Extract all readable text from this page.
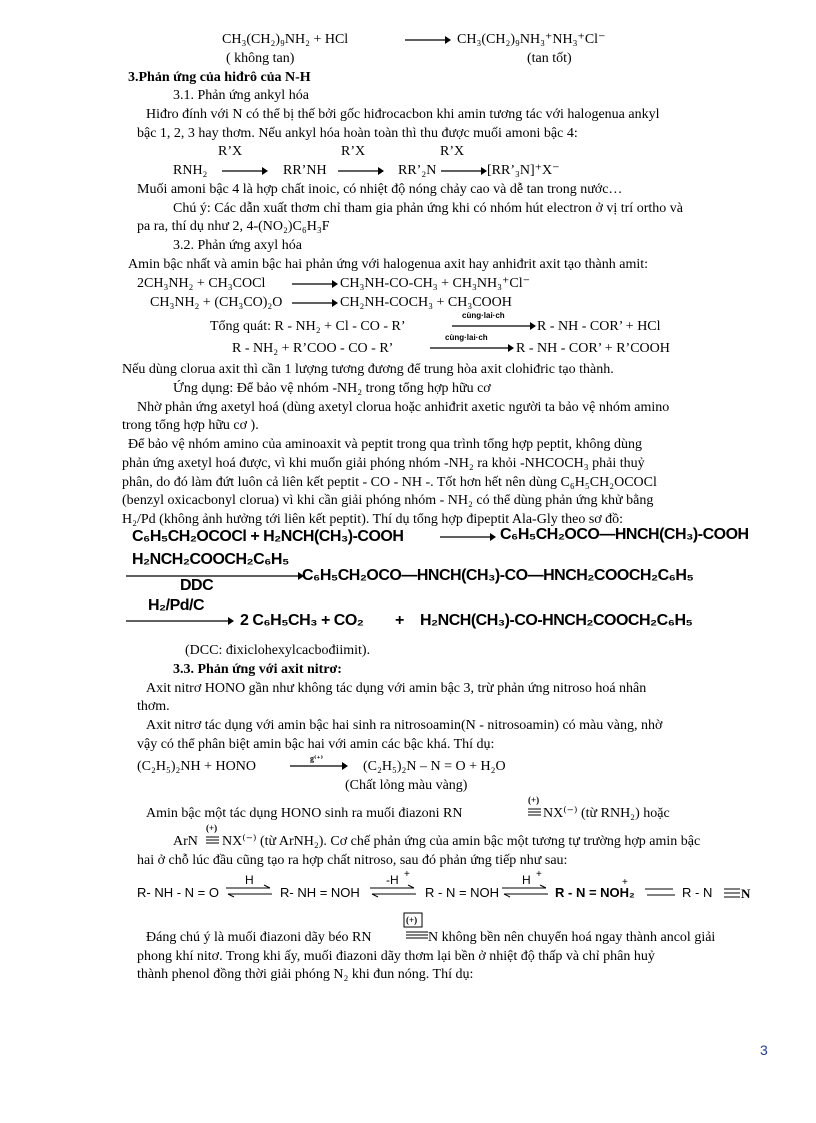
CH₃(CH₂)₉NH₂ + HCl	→ CH₃(CH₂)₉NH₃⁺NH₃⁺Cl⁻
( không tan)	(tan tốt)
3.Phản ứng của hiđrô của N-H
3.1. Phản ứng ankyl hóa
Hiđro đính với N có thể bị thế bởi gốc hiđrocacbon khi amin tương tác với halogenua ankyl
bậc 1, 2, 3 hay thơm. Nếu ankyl hóa hoàn toàn thì thu được muối amoni bậc 4:
R’X	R’X	R’X
RNH₂ → RR’NH → RR’₂N → [RR’₃N]⁺X⁻
Muối amoni bậc 4 là hợp chất inoic, có nhiệt độ nóng chảy cao và dễ tan trong nước…
Chú ý: Các dẫn xuất thơm chỉ tham gia phản ứng khi có nhóm hút electron ở vị trí ortho và
pa ra, thí dụ như 2, 4-(NO₂)C₆H₃F
3.2. Phản ứng axyl hóa
Amin bậc nhất và amin bậc hai phản ứng với halogenua axit hay anhiđrit axit tạo thành amit:
2CH₃NH₂ + CH₃COCl → CH₃NH-CO-CH₃ + CH₃NH₃⁺Cl⁻
CH₃NH₂ + (CH₃CO)₂O → CH₂NH-COCH₃ + CH₃COOH
Tổng quát: R - NH₂ + Cl - CO - R’
cùng·lai·ch
R - NH - COR’ + HCl
R - NH₂ + R’COO - CO - R’
cùng·lai·ch
R - NH - COR’ + R’COOH
Nếu dùng clorua axit thì cần 1 lượng tương đương để trung hòa axit clohiđric tạo thành.
Ứng dụng: Để bảo vệ nhóm -NH₂ trong tổng hợp hữu cơ
Nhờ phản ứng axetyl hoá (dùng axetyl clorua hoặc anhiđrit axetic người ta bảo vệ nhóm amino
trong tổng hợp hữu cơ ).
Để bảo vệ nhóm amino của aminoaxit và peptit trong qua trình tổng hợp peptit, không dùng
phản ứng axetyl hoá được, vì khi muốn giải phóng nhóm -NH₂ ra khỏi -NHCOCH₃ phải thuỷ
phân, do đó làm đứt luôn cả liên kết peptit - CO - NH -. Tốt hơn hết nên dùng C₆H₅CH₂OCOCl
(benzyl oxicacbonyl clorua) vì khi cần giải phóng nhóm - NH₂ có thể dùng phản ứng khử bằng
H₂/Pd (không ảnh hưởng tới liên kết peptit). Thí dụ tổng hợp đipeptit Ala-Gly theo sơ đồ:
C₆H₅CH₂OCOCl + H₂NCH(CH₃)-COOH	→ C₆H₅CH₂OCO—HNCH(CH₃)-COOH
H₂NCH₂COOCH₂C₆H₅
DDC
C₆H₅CH₂OCO—HNCH(CH₃)-CO—HNCH₂COOCH₂C₆H₅
H₂/Pd/C
2 C₆H₅CH₃ + CO₂ + H₂NCH(CH₃)-CO-HNCH₂COOCH₂C₆H₅
(DCC: đixiclohexylcacbođiimit).
3.3. Phản ứng với axit nitrơ:
Axit nitrơ HONO gần như không tác dụng với amin bậc 3, trừ phản ứng nitroso hoá nhân
thơm.
Axit nitrơ tác dụng với amin bậc hai sinh ra nitrosoamin(N - nitrosoamin) có màu vàng, nhờ
vậy có thể phân biệt amin bậc hai với amin các bậc khá. Thí dụ:
(C₂H₅)₂NH + HONO
g⁽⁺⁾
(C₂H₅)₂N – N = O + H₂O
(Chất lỏng màu vàng)
Amin bậc một tác dụng HONO sinh ra muối điazoni RN
(+)
NX⁽⁻⁾ (từ RNH₂) hoặc
ArN
(+)
NX⁽⁻⁾ (từ ArNH₂). Cơ chế phản ứng của amin bậc một tương tự trường hợp amin bậc
hai ở chỗ lúc đầu cũng tạo ra hợp chất nitroso, sau đó phản ứng tiếp như sau:
R- NH - N = O
H
⇌ R- NH = NOH
-H +
⇌ R - N = NOH
H +
⇌ R - N = NOH₂
+
R - N N
Đáng chú ý là muối điazoni dãy béo RN
(+)
N không bền nên chuyển hoá ngay thành ancol giải
phong khí nitơ. Trong khi ấy, muối điazoni dãy thơm lại bền ở nhiệt độ thấp và chỉ phân huỷ
thành phenol đồng thời giải phóng N₂ khi đun nóng. Thí dụ:
3
